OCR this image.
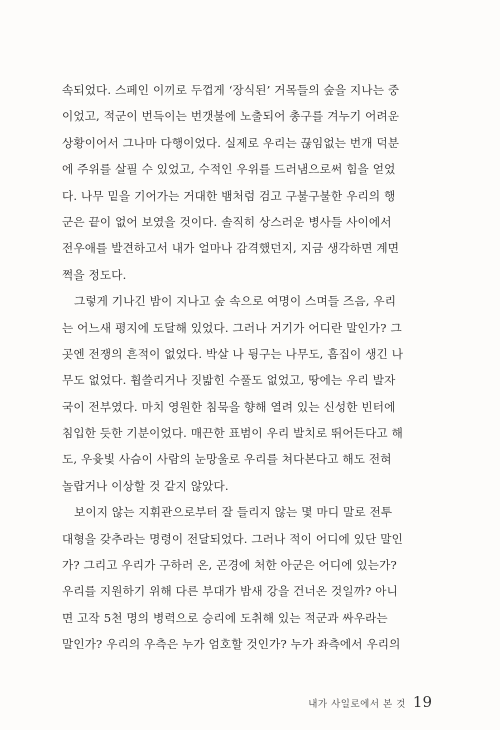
속되었다. 스페인 이끼로 두껍게 ‘장식된’ 거목들의 숲을 지나는 중
이었고, 적군이 번득이는 번갯불에 노출되어 총구를 겨누기 어려운
상황이어서 그나마 다행이었다. 실제로 우리는 끊임없는 번개 덕분
에 주위를 살필 수 있었고, 수적인 우위를 드러냄으로써 힘을 얻었
다. 나무 밑을 기어가는 거대한 뱀처럼 검고 구불구불한 우리의 행
군은 끝이 없어 보였을 것이다. 솔직히 상스러운 병사들 사이에서
전우애를 발견하고서 내가 얼마나 감격했던지, 지금 생각하면 계면
쩍을 정도다.
그렇게 기나긴 밤이 지나고 숲 속으로 여명이 스며들 즈음, 우리
는 어느새 평지에 도달해 있었다. 그러나 거기가 어디란 말인가? 그
곳엔 전쟁의 흔적이 없었다. 박살 나 뒹구는 나무도, 흠집이 생긴 나
무도 없었다. 휩쓸리거나 짓밟힌 수풀도 없었고, 땅에는 우리 발자
국이 전부였다. 마치 영원한 침묵을 향해 열려 있는 신성한 빈터에
침입한 듯한 기분이었다. 매끈한 표범이 우리 발치로 뛰어든다고 해
도, 우윳빛 사슴이 사람의 눈망울로 우리를 쳐다본다고 해도 전혀
놀랍거나 이상할 것 같지 않았다.
보이지 않는 지휘관으로부터 잘 들리지 않는 몇 마디 말로 전투
대형을 갖추라는 명령이 전달되었다. 그러나 적이 어디에 있단 말인
가? 그리고 우리가 구하러 온, 곤경에 처한 아군은 어디에 있는가?
우리를 지원하기 위해 다른 부대가 밤새 강을 건너온 것일까? 아니
면 고작 5천 명의 병력으로 승리에 도취해 있는 적군과 싸우라는
말인가? 우리의 우측은 누가 엄호할 것인가? 누가 좌측에서 우리의
내가 사일로에서 본 것 19
